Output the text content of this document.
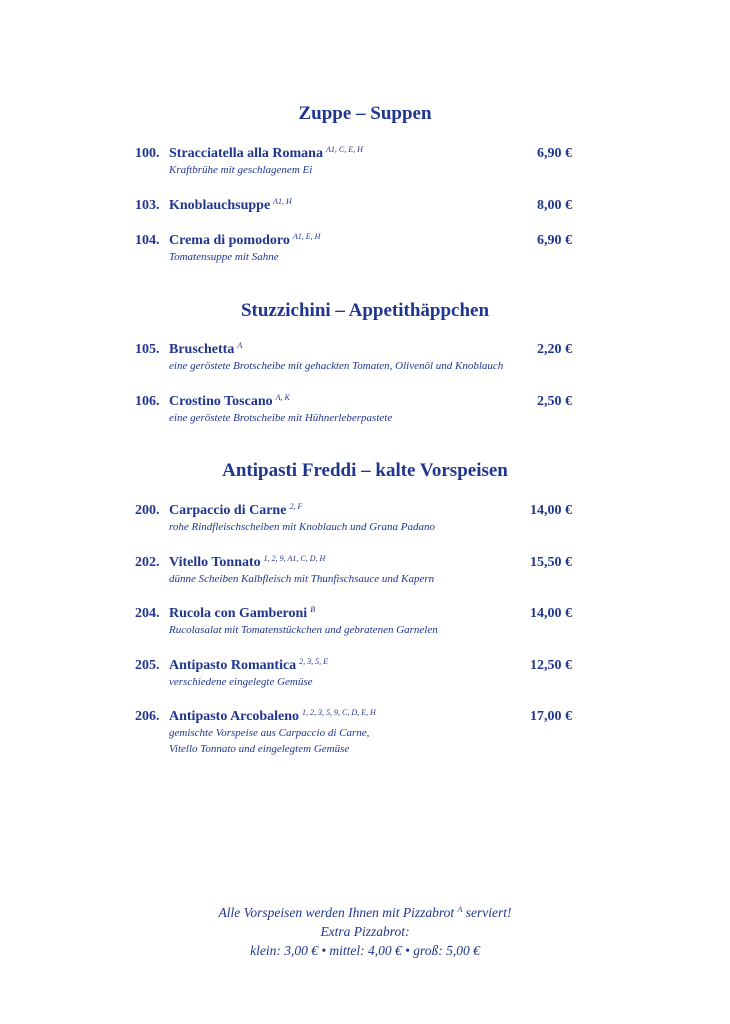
Zuppe – Suppen
100. Stracciatella alla Romana $^{A1, C, E, H}$	6,90 €
Kraftbrühe mit geschlagenem Ei
103. Knoblauchsuppe $^{A1, H}$	8,00 €
104. Crema di pomodoro $^{A1, E, H}$	6,90 €
Tomatensuppe mit Sahne
Stuzzichini – Appetithäppchen
105. Bruschetta $^A$	2,20 €
eine geröstete Brotscheibe mit gehackten Tomaten, Olivenöl und Knoblauch
106. Crostino Toscano $^{A, K}$	2,50 €
eine geröstete Brotscheibe mit Hühnerleberpastete
Antipasti Freddi – kalte Vorspeisen
200. Carpaccio di Carne $^{2, F}$	14,00 €
rohe Rindfleischscheiben mit Knoblauch und Grana Padano
202. Vitello Tonnato $^{1, 2, 9, A1, C, D, H}$	15,50 €
dünne Scheiben Kalbfleisch mit Thunfischsauce und Kapern
204. Rucola con Gamberoni $^B$	14,00 €
Rucolasalat mit Tomatenstückchen und gebratenen Garnelen
205. Antipasto Romantica $^{2, 3, 5, E}$	12,50 €
verschiedene eingelegte Gemüse
206. Antipasto Arcobaleno $^{1, 2, 3, 5, 9, C, D, E, H}$	17,00 €
gemischte Vorspeise aus Carpaccio di Carne,
Vitello Tonnato und eingelegtem Gemüse
Alle Vorspeisen werden Ihnen mit Pizzabrot $^A$ serviert!
Extra Pizzabrot:
klein: 3,00 € • mittel: 4,00 € • groß: 5,00 €
